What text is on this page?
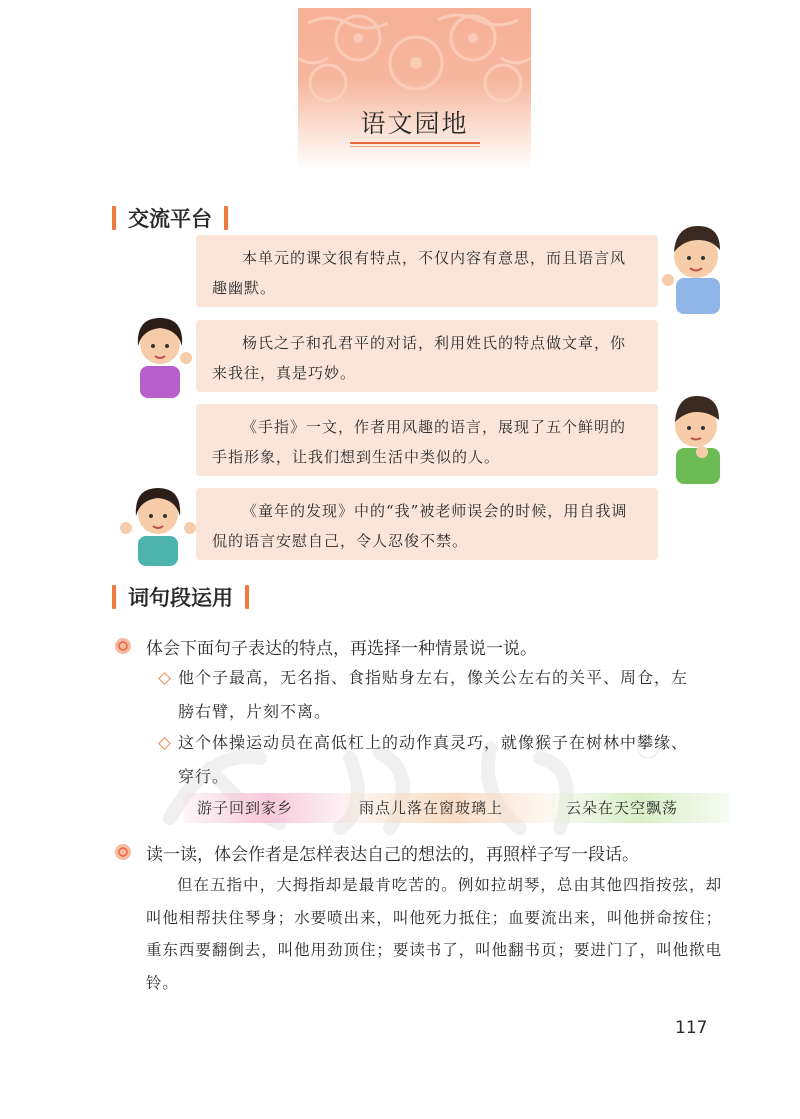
语文园地
交流平台
本单元的课文很有特点，不仅内容有意思，而且语言风趣幽默。
杨氏之子和孔君平的对话，利用姓氏的特点做文章，你来我往，真是巧妙。
《手指》一文，作者用风趣的语言，展现了五个鲜明的手指形象，让我们想到生活中类似的人。
《童年的发现》中的“我”被老师误会的时候，用自我调侃的语言安慰自己，令人忍俊不禁。
词句段运用
体会下面句子表达的特点，再选择一种情景说一说。
他个子最高，无名指、食指贴身左右，像关公左右的关平、周仓，左
膀右臂，片刻不离。
这个体操运动员在高低杠上的动作真灵巧，就像猴子在树林中攀缘、
穿行。
游子回到家乡	雨点儿落在窗玻璃上	云朵在天空飘荡
读一读，体会作者是怎样表达自己的想法的，再照样子写一段话。
但在五指中，大拇指却是最肯吃苦的。例如拉胡琴，总由其他四指按弦，却叫他相帮扶住琴身；水要喷出来，叫他死力抵住；血要流出来，叫他拼命按住；重东西要翻倒去，叫他用劲顶住；要读书了，叫他翻书页；要进门了，叫他揿电铃。
117
